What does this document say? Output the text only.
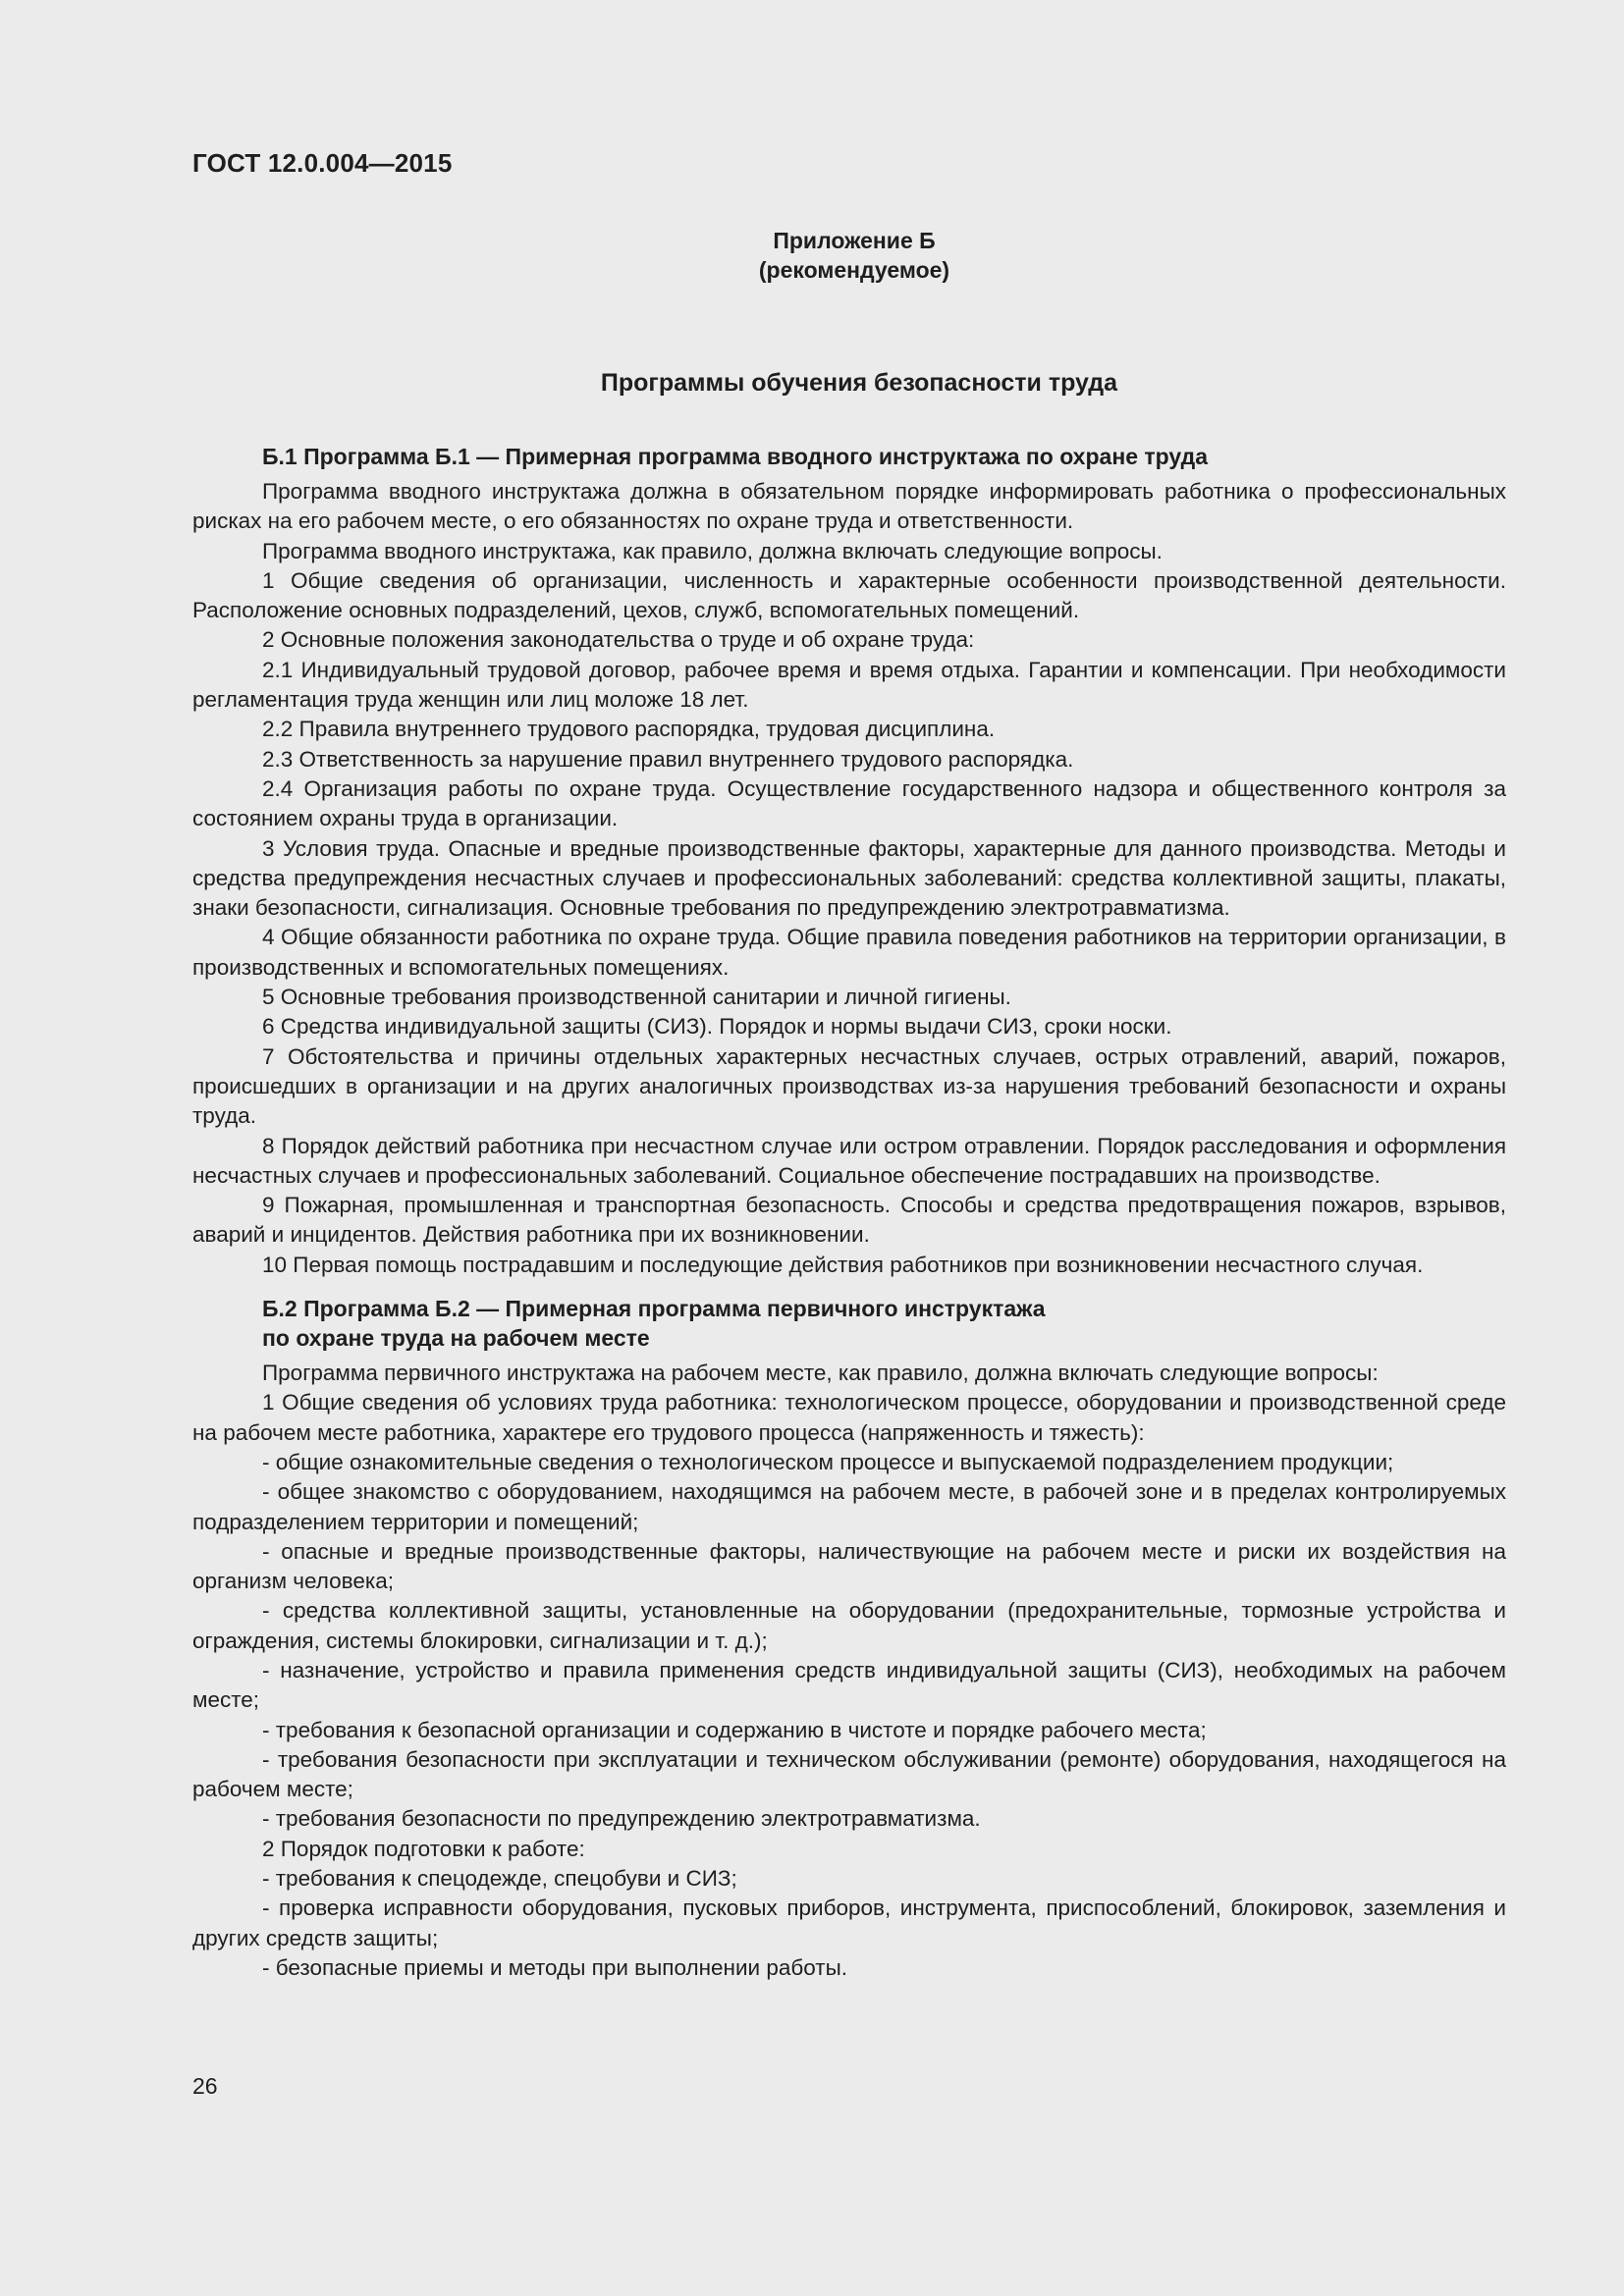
ГОСТ 12.0.004—2015
Приложение Б
(рекомендуемое)
Программы обучения безопасности труда
Б.1 Программа Б.1 — Примерная программа вводного инструктажа по охране труда

Программа вводного инструктажа должна в обязательном порядке информировать работника о профессиональных рисках на его рабочем месте, о его обязанностях по охране труда и ответственности.

Программа вводного инструктажа, как правило, должна включать следующие вопросы.

1 Общие сведения об организации, численность и характерные особенности производственной деятельности. Расположение основных подразделений, цехов, служб, вспомогательных помещений.

2 Основные положения законодательства о труде и об охране труда:

2.1 Индивидуальный трудовой договор, рабочее время и время отдыха. Гарантии и компенсации. При необходимости регламентация труда женщин или лиц моложе 18 лет.

2.2 Правила внутреннего трудового распорядка, трудовая дисциплина.

2.3 Ответственность за нарушение правил внутреннего трудового распорядка.

2.4 Организация работы по охране труда. Осуществление государственного надзора и общественного контроля за состоянием охраны труда в организации.

3 Условия труда. Опасные и вредные производственные факторы, характерные для данного производства. Методы и средства предупреждения несчастных случаев и профессиональных заболеваний: средства коллективной защиты, плакаты, знаки безопасности, сигнализация. Основные требования по предупреждению электротравматизма.

4 Общие обязанности работника по охране труда. Общие правила поведения работников на территории организации, в производственных и вспомогательных помещениях.

5 Основные требования производственной санитарии и личной гигиены.

6 Средства индивидуальной защиты (СИЗ). Порядок и нормы выдачи СИЗ, сроки носки.

7 Обстоятельства и причины отдельных характерных несчастных случаев, острых отравлений, аварий, пожаров, происшедших в организации и на других аналогичных производствах из-за нарушения требований безопасности и охраны труда.

8 Порядок действий работника при несчастном случае или остром отравлении. Порядок расследования и оформления несчастных случаев и профессиональных заболеваний. Социальное обеспечение пострадавших на производстве.

9 Пожарная, промышленная и транспортная безопасность. Способы и средства предотвращения пожаров, взрывов, аварий и инцидентов. Действия работника при их возникновении.

10 Первая помощь пострадавшим и последующие действия работников при возникновении несчастного случая.

Б.2 Программа Б.2 — Примерная программа первичного инструктажа
по охране труда на рабочем месте

Программа первичного инструктажа на рабочем месте, как правило, должна включать следующие вопросы:

1 Общие сведения об условиях труда работника: технологическом процессе, оборудовании и производственной среде на рабочем месте работника, характере его трудового процесса (напряженность и тяжесть):

- общие ознакомительные сведения о технологическом процессе и выпускаемой подразделением продукции;

- общее знакомство с оборудованием, находящимся на рабочем месте, в рабочей зоне и в пределах контролируемых подразделением территории и помещений;

- опасные и вредные производственные факторы, наличествующие на рабочем месте и риски их воздействия на организм человека;

- средства коллективной защиты, установленные на оборудовании (предохранительные, тормозные устройства и ограждения, системы блокировки, сигнализации и т. д.);

- назначение, устройство и правила применения средств индивидуальной защиты (СИЗ), необходимых на рабочем месте;

- требования к безопасной организации и содержанию в чистоте и порядке рабочего места;

- требования безопасности при эксплуатации и техническом обслуживании (ремонте) оборудования, находящегося на рабочем месте;

- требования безопасности по предупреждению электротравматизма.

2 Порядок подготовки к работе:

- требования к спецодежде, спецобуви и СИЗ;

- проверка исправности оборудования, пусковых приборов, инструмента, приспособлений, блокировок, заземления и других средств защиты;

- безопасные приемы и методы при выполнении работы.

26
